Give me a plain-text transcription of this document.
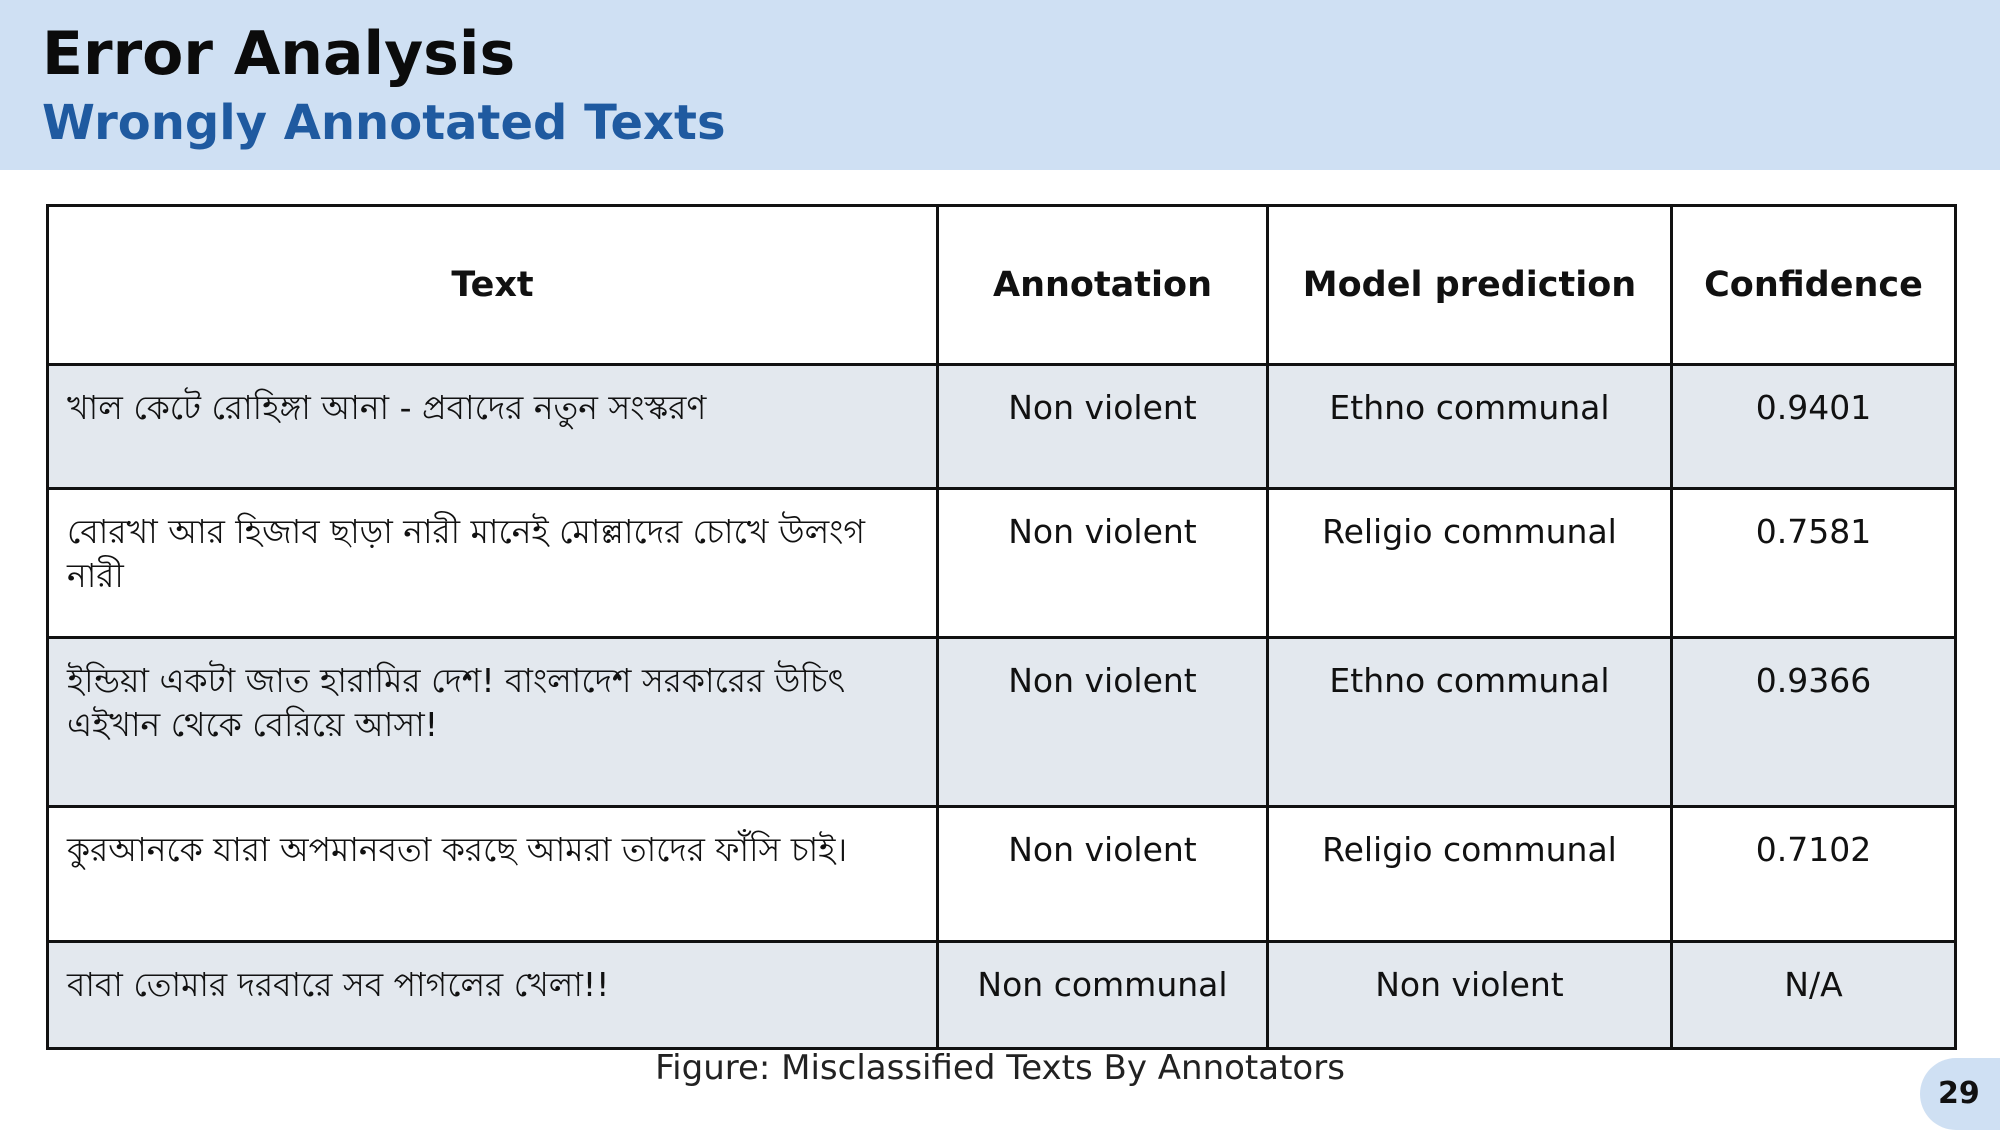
Error Analysis
Wrongly Annotated Texts
Text	Annotation	Model prediction	Confidence
খাল কেটে রোহিঙ্গা আনা - প্রবাদের নতুন সংস্করণ	Non violent	Ethno communal	0.9401
বোরখা আর হিজাব ছাড়া নারী মানেই মোল্লাদের চোখে উলংগ নারী	Non violent	Religio communal	0.7581
ইন্ডিয়া একটা জাত হারামির দেশ! বাংলাদেশ সরকারের উচিৎ এইখান থেকে বেরিয়ে আসা!	Non violent	Ethno communal	0.9366
কুরআনকে যারা অপমানবতা করছে আমরা তাদের ফাঁসি চাই।	Non violent	Religio communal	0.7102
বাবা তোমার দরবারে সব পাগলের খেলা!!	Non communal	Non violent	N/A

Figure: Misclassified Texts By Annotators

29
